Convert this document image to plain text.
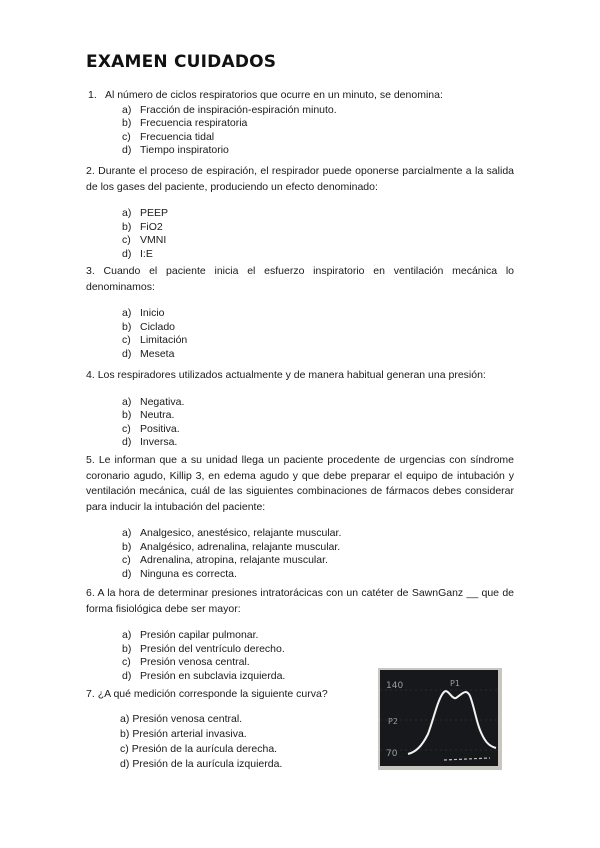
EXAMEN CUIDADOS

1. Al número de ciclos respiratorios que ocurre en un minuto, se denomina:

a) Fracción de inspiración-espiración minuto.
b) Frecuencia respiratoria
c) Frecuencia tidal
d) Tiempo inspiratorio

2. Durante el proceso de espiración, el respirador puede oponerse parcialmente a la salida de los gases del paciente, produciendo un efecto denominado:

a) PEEP
b) FiO2
c) VMNI
d) I:E

3. Cuando el paciente inicia el esfuerzo inspiratorio en ventilación mecánica lo denominamos:

a) Inicio
b) Ciclado
c) Limitación
d) Meseta

4. Los respiradores utilizados actualmente y de manera habitual generan una presión:

a) Negativa.
b) Neutra.
c) Positiva.
d) Inversa.

5. Le informan que a su unidad llega un paciente procedente de urgencias con síndrome coronario agudo, Killip 3, en edema agudo y que debe preparar el equipo de intubación y ventilación mecánica, cuál de las siguientes combinaciones de fármacos debes considerar para inducir la intubación del paciente:

a) Analgesico, anestésico, relajante muscular.
b) Analgésico, adrenalina, relajante muscular.
c) Adrenalina, atropina, relajante muscular.
d) Ninguna es correcta.

6. A la hora de determinar presiones intratorácicas con un catéter de SawnGanz __ que de forma fisiológica debe ser mayor:

a) Presión capilar pulmonar.
b) Presión del ventrículo derecho.
c) Presión venosa central.
d) Presión en subclavia izquierda.

7. ¿A qué medición corresponde la siguiente curva?

a) Presión venosa central.
b) Presión arterial invasiva.
c) Presión de la aurícula derecha.
d) Presión de la aurícula izquierda.
140	P1
P2
70
